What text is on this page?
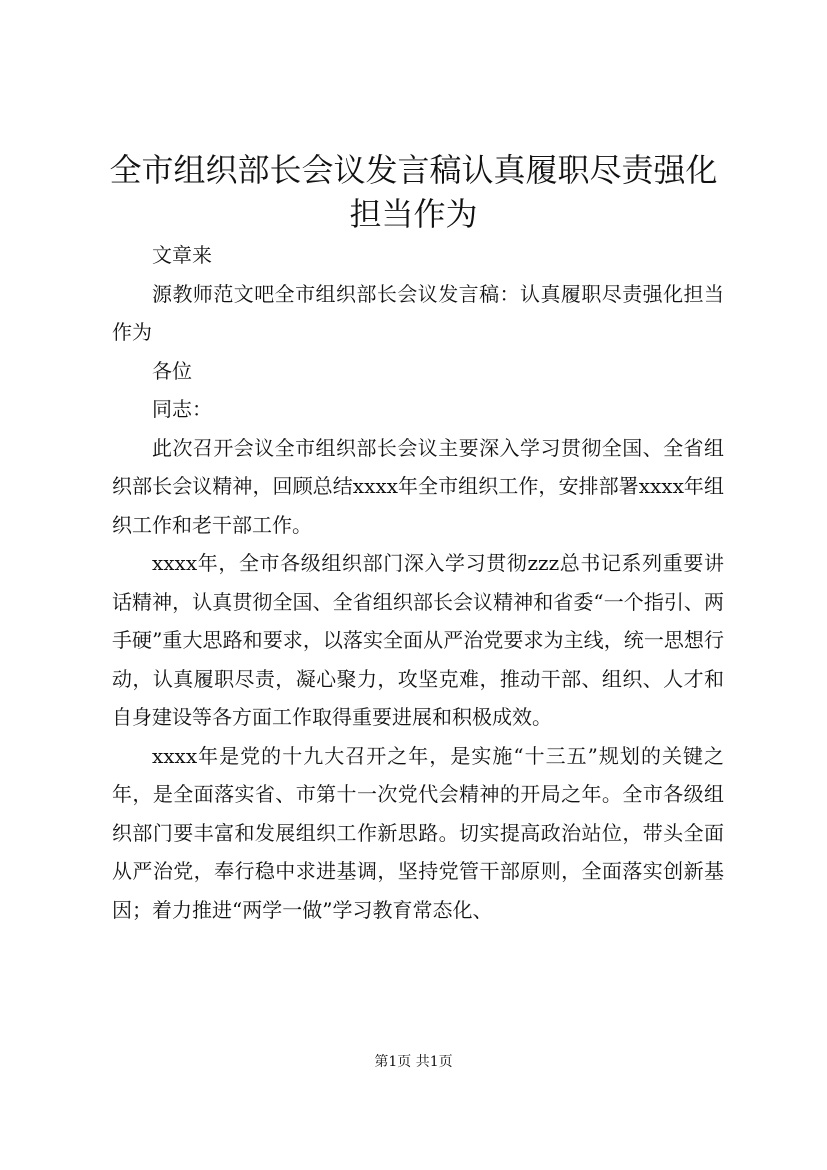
全市组织部长会议发言稿认真履职尽责强化担当作为

文章来

源教师范文吧全市组织部长会议发言稿：认真履职尽责强化担当作为

各位

同志：

此次召开会议全市组织部长会议主要深入学习贯彻全国、全省组织部长会议精神，回顾总结xxxx年全市组织工作，安排部署xxxx年组织工作和老干部工作。

xxxx年，全市各级组织部门深入学习贯彻zzz总书记系列重要讲话精神，认真贯彻全国、全省组织部长会议精神和省委“一个指引、两手硬”重大思路和要求，以落实全面从严治党要求为主线，统一思想行动，认真履职尽责，凝心聚力，攻坚克难，推动干部、组织、人才和自身建设等各方面工作取得重要进展和积极成效。

xxxx年是党的十九大召开之年，是实施“十三五”规划的关键之年，是全面落实省、市第十一次党代会精神的开局之年。全市各级组织部门要丰富和发展组织工作新思路。切实提高政治站位，带头全面从严治党，奉行稳中求进基调，坚持党管干部原则，全面落实创新基因；着力推进“两学一做”学习教育常态化、

第1页 共1页
